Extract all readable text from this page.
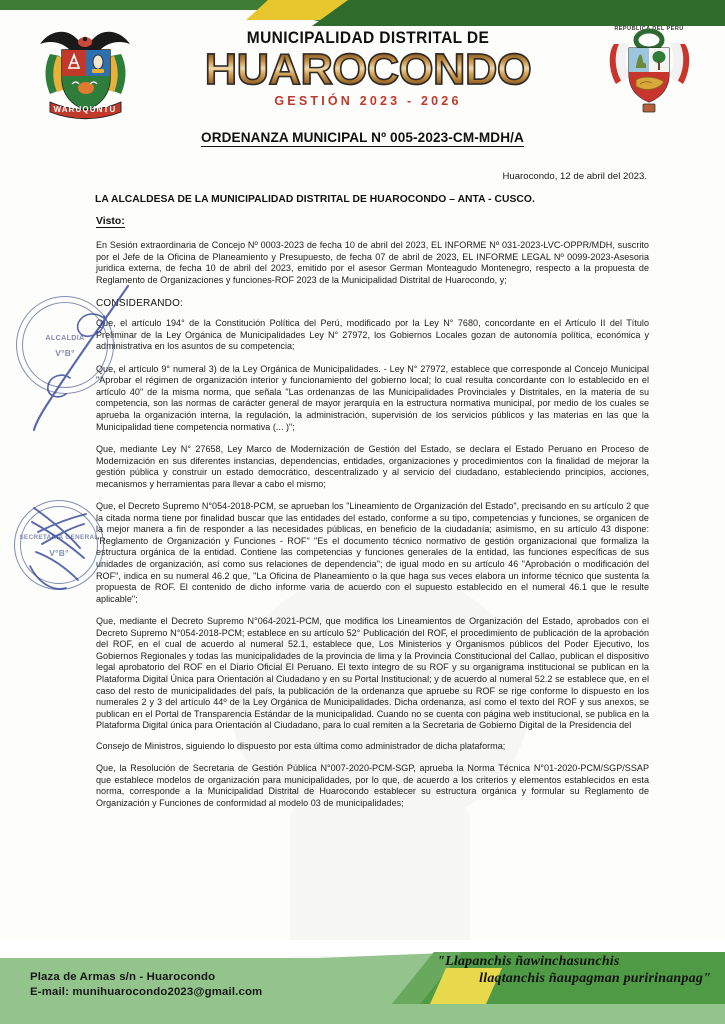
WARUQUNTU
MUNICIPALIDAD DISTRITAL DE
HUAROCONDO
GESTIÓN 2023 - 2026
REPÚBLICA DEL PERÚ
ORDENANZA MUNICIPAL Nº 005-2023-CM-MDH/A
Huarocondo, 12 de abril del 2023.
LA ALCALDESA DE LA MUNICIPALIDAD DISTRITAL DE HUAROCONDO – ANTA - CUSCO.
Visto:

En Sesión extraordinaria de Concejo Nº 0003-2023 de fecha 10 de abril del 2023, EL INFORME Nº 031-2023-LVC-OPPR/MDH, suscrito por el Jefe de la Oficina de Planeamiento y Presupuesto, de fecha 07 de abril de 2023, EL INFORME LEGAL Nº 0099-2023-Asesoria juridica externa, de fecha 10 de abril del 2023, emitido por el asesor German Monteagudo Montenegro, respecto a la propuesta de Reglamento de Organizaciones y funciones-ROF 2023 de la Municipalidad Distrital de Huarocondo, y;

CONSIDERANDO:

Que, el artículo 194° de la Constitución Política del Perú, modificado por la Ley N° 7680, concordante en el Artículo II del Título Preliminar de la Ley Orgánica de Municipalidades Ley N° 27972, los Gobiernos Locales gozan de autonomía política, económica y administrativa en los asuntos de su competencia;

Que, el artículo 9° numeral 3) de la Ley Orgánica de Municipalidades. - Ley N° 27972, establece que corresponde al Concejo Municipal "Aprobar el régimen de organización interior y funcionamiento del gobierno local; lo cual resulta concordante con lo establecido en el artículo 40" de la misma norma, que señala "Las ordenanzas de las Municipalidades Provinciales y Distritales, en la materia de su competencia, son las normas de carácter general de mayor jerarquía en la estructura normativa municipal, por medio de los cuales se aprueba la organización interna, la regulación, la administración, supervisión de los servicios públicos y las materias en las que la Municipalidad tiene competencia normativa (... )";

Que, mediante Ley N° 27658, Ley Marco de Modernización de Gestión del Estado, se declara el Estado Peruano en Proceso de Modernización en sus diferentes instancias, dependencias, entidades, organizaciones y procedimientos con la finalidad de mejorar la gestión pública y construir un estado democrático, descentralizado y al servicio del ciudadano, estableciendo principios, acciones, mecanismos y herramientas para llevar a cabo el mismo;

Que, el Decreto Supremo N°054-2018-PCM, se aprueban los "Lineamiento de Organización del Estado", precisando en su artículo 2 que la citada norma tiene por finalidad buscar que las entidades del estado, conforme a su tipo, competencias y funciones, se organicen de la mejor manera a fin de responder a las necesidades públicas, en beneficio de la ciudadanía; asimismo, en su artículo 43 dispone: "Reglamento de Organización y Funciones - ROF" "Es el documento técnico normativo de gestión organizacional que formaliza la estructura orgánica de la entidad. Contiene las competencias y funciones generales de la entidad, las funciones específicas de sus unidades de organización, así como sus relaciones de dependencia"; de igual modo en su artículo 46 "Aprobación o modificación del ROF", indica en su numeral 46.2 que, "La Oficina de Planeamiento o la que haga sus veces elabora un informe técnico que sustenta la propuesta de ROF. El contenido de dicho informe varia de acuerdo con el supuesto establecido en el numeral 46.1 que le resulte aplicable";

Que, mediante el Decreto Supremo N°064-2021-PCM, que modifica los Lineamientos de Organización del Estado, aprobados con el Decreto Supremo N°054-2018-PCM; establece en su artículo 52° Publicación del ROF, el procedimiento de publicación de la aprobación del ROF, en el cual de acuerdo al numeral 52.1, establece que, Los Ministerios y Organismos públicos del Poder Ejecutivo, los Gobiernos Regionales y todas las municipalidades de la provincia de lima y la Provincia Constitucional del Callao, publican el dispositivo legal aprobatorio del ROF en el Diario Oficial El Peruano. El texto integro de su ROF y su organigrama institucional se publican en la Plataforma Digital Única para Orientación al Ciudadano y en su Portal Institucional; y de acuerdo al numeral 52.2 se establece que, en el caso del resto de municipalidades del país, la publicación de la ordenanza que apruebe su ROF se rige conforme lo dispuesto en los numerales 2 y 3 del artículo 44º de la Ley Orgánica de Municipalidades. Dicha ordenanza, así como el texto del ROF y sus anexos, se publican en el Portal de Transparencia Estándar de la municipalidad. Cuando no se cuenta con página web institucional, se publica en la Plataforma Digital única para Orientación al Ciudadano, para lo cual remiten a la Secretaria de Gobierno Digital de la Presidencia del

Consejo de Ministros, siguiendo lo dispuesto por esta última como administrador de dicha plataforma;

Que, la Resolución de Secretaria de Gestión Pública N°007-2020-PCM-SGP, aprueba la Norma Técnica N°01-2020-PCM/SGP/SSAP que establece modelos de organización para municipalidades, por lo que, de acuerdo a los criterios y elementos establecidos en esta norma, corresponde a la Municipalidad Distrital de Huarocondo establecer su estructura orgánica y formular su Reglamento de Organización y Funciones de conformidad al modelo 03 de municipalidades;

ALCALDIA
V°B°
SECRETARIA GENERAL
V°B°
Plaza de Armas s/n - Huarocondo
E-mail: munihuarocondo2023@gmail.com
"Llapanchis ñawinchasunchis
llaqtanchis ñaupagman puririnanpag"
